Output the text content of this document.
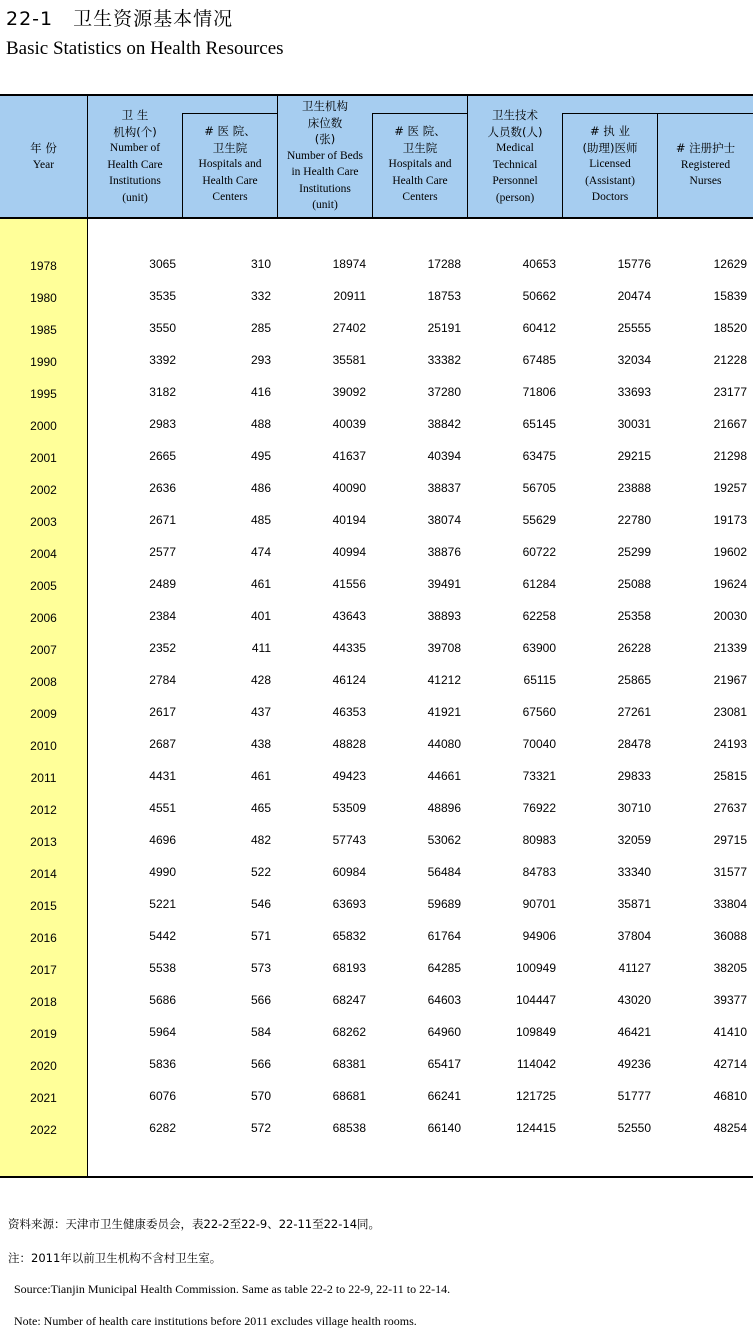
22-1 卫生资源基本情况
Basic Statistics on Health Resources
年 份
Year
卫 生
机构(个)
Number of
Health Care
Institutions
(unit)
# 医 院、
卫生院
Hospitals and
Health Care
Centers
卫生机构
床位数
(张)
Number of Beds
in Health Care
Institutions
(unit)
# 医 院、
卫生院
Hospitals and
Health Care
Centers
卫生技术
人员数(人)
Medical
Technical
Personnel
(person)
# 执 业
(助理)医师
Licensed
(Assistant)
Doctors
# 注册护士
Registered
Nurses
1978	3065	310	18974	17288	40653	15776	12629
1980	3535	332	20911	18753	50662	20474	15839
1985	3550	285	27402	25191	60412	25555	18520
1990	3392	293	35581	33382	67485	32034	21228
1995	3182	416	39092	37280	71806	33693	23177
2000	2983	488	40039	38842	65145	30031	21667
2001	2665	495	41637	40394	63475	29215	21298
2002	2636	486	40090	38837	56705	23888	19257
2003	2671	485	40194	38074	55629	22780	19173
2004	2577	474	40994	38876	60722	25299	19602
2005	2489	461	41556	39491	61284	25088	19624
2006	2384	401	43643	38893	62258	25358	20030
2007	2352	411	44335	39708	63900	26228	21339
2008	2784	428	46124	41212	65115	25865	21967
2009	2617	437	46353	41921	67560	27261	23081
2010	2687	438	48828	44080	70040	28478	24193
2011	4431	461	49423	44661	73321	29833	25815
2012	4551	465	53509	48896	76922	30710	27637
2013	4696	482	57743	53062	80983	32059	29715
2014	4990	522	60984	56484	84783	33340	31577
2015	5221	546	63693	59689	90701	35871	33804
2016	5442	571	65832	61764	94906	37804	36088
2017	5538	573	68193	64285	100949	41127	38205
2018	5686	566	68247	64603	104447	43020	39377
2019	5964	584	68262	64960	109849	46421	41410
2020	5836	566	68381	65417	114042	49236	42714
2021	6076	570	68681	66241	121725	51777	46810
2022	6282	572	68538	66140	124415	52550	48254
资料来源：天津市卫生健康委员会，表22-2至22-9、22-11至22-14同。
注：2011年以前卫生机构不含村卫生室。
Source:Tianjin Municipal Health Commission. Same as table 22-2 to 22-9, 22-11 to 22-14.
Note: Number of health care institutions before 2011 excludes village health rooms.
